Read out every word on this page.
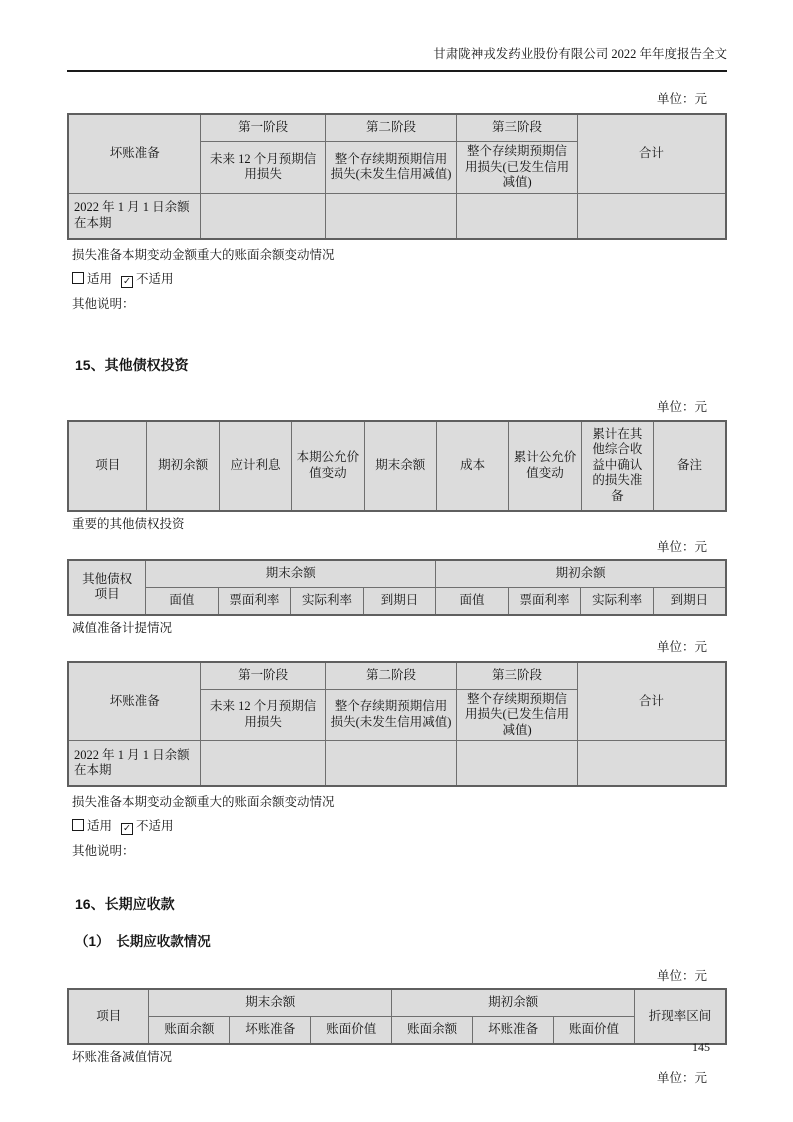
甘肃陇神戎发药业股份有限公司 2022 年年度报告全文
单位：元
坏账准备	第一阶段	第二阶段	第三阶段	合计
	未来 12 个月预期信用损失	整个存续期预期信用损失(未发生信用减值)	整个存续期预期信用损失(已发生信用减值)	
2022 年 1 月 1 日余额在本期				

损失准备本期变动金额重大的账面余额变动情况

适用 ✓ 不适用

其他说明：

15、其他债权投资
单位：元
项目	期初余额	应计利息	本期公允价值变动	期末余额	成本	累计公允价值变动	累计在其他综合收益中确认的损失准备	备注

重要的其他债权投资

单位：元
其他债权项目	期末余额				期初余额			
	面值	票面利率	实际利率	到期日	面值	票面利率	实际利率	到期日

减值准备计提情况

单位：元
坏账准备	第一阶段	第二阶段	第三阶段	合计
	未来 12 个月预期信用损失	整个存续期预期信用损失(未发生信用减值)	整个存续期预期信用损失(已发生信用减值)	
2022 年 1 月 1 日余额在本期				

损失准备本期变动金额重大的账面余额变动情况

适用 ✓ 不适用

其他说明：

16、长期应收款
（1）　长期应收款情况
单位：元
项目	期末余额			期初余额			折现率区间
	账面余额	坏账准备	账面价值	账面余额	坏账准备	账面价值	

坏账准备减值情况

单位：元
145
